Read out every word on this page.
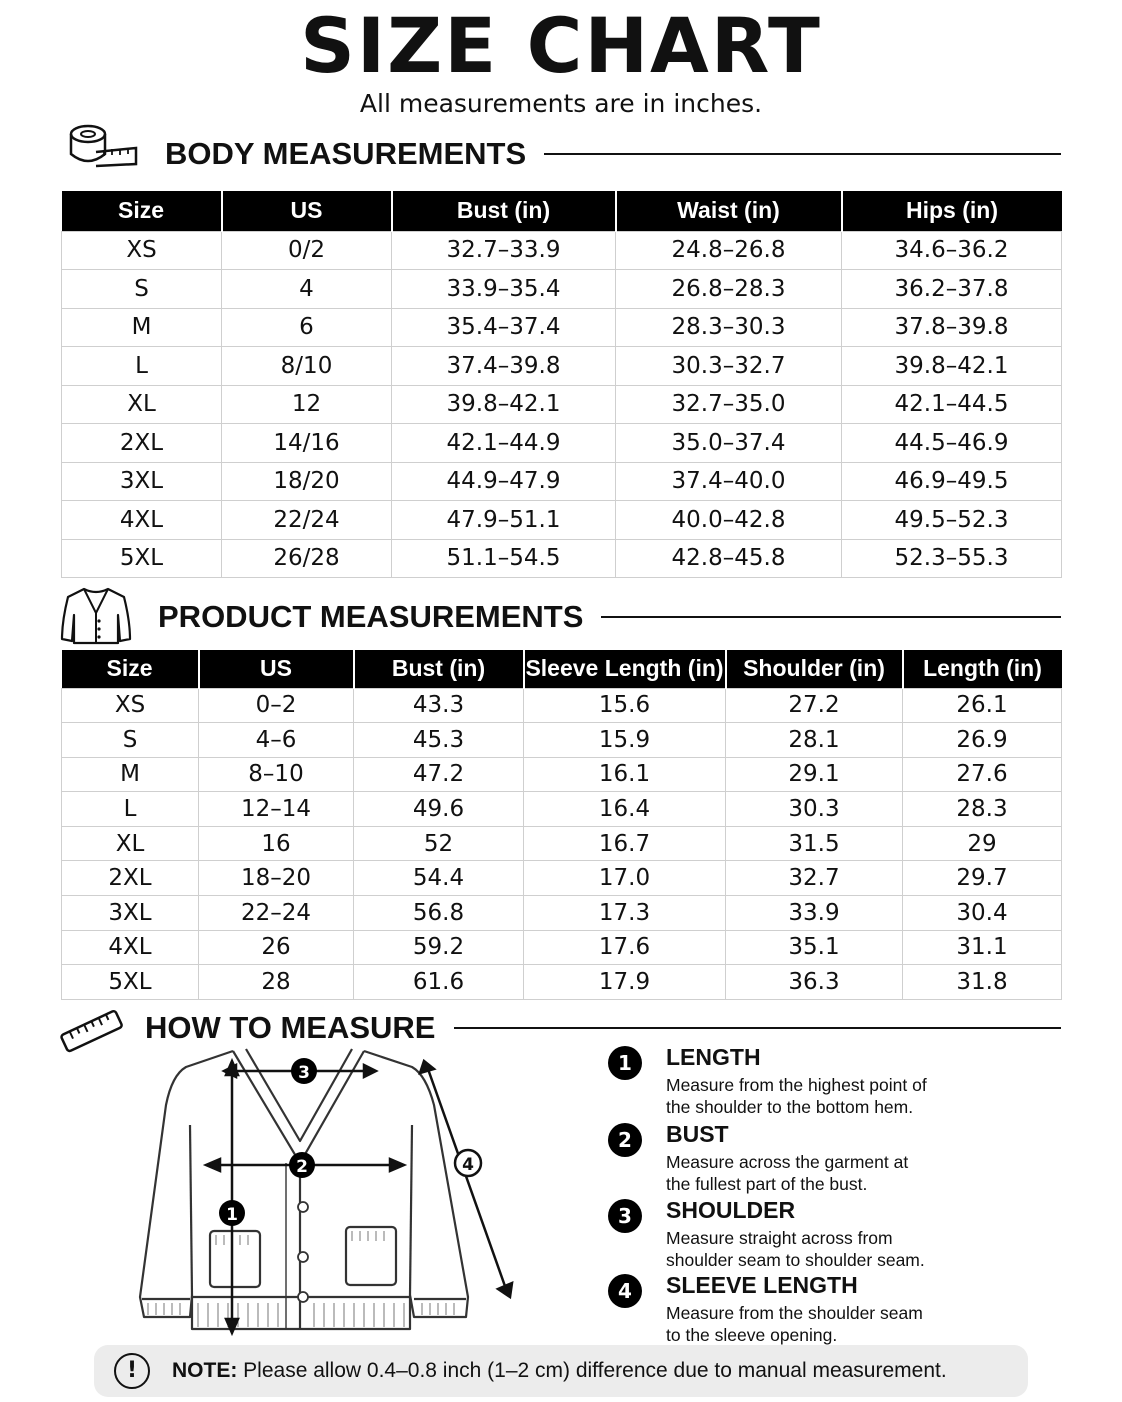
SIZE CHART
All measurements are in inches.
BODY MEASUREMENTS
Size	US	Bust (in)	Waist (in)	Hips (in)
XS	0/2	32.7–33.9	24.8–26.8	34.6–36.2
S	4	33.9–35.4	26.8–28.3	36.2–37.8
M	6	35.4–37.4	28.3–30.3	37.8–39.8
L	8/10	37.4–39.8	30.3–32.7	39.8–42.1
XL	12	39.8–42.1	32.7–35.0	42.1–44.5
2XL	14/16	42.1–44.9	35.0–37.4	44.5–46.9
3XL	18/20	44.9–47.9	37.4–40.0	46.9–49.5
4XL	22/24	47.9–51.1	40.0–42.8	49.5–52.3
5XL	26/28	51.1–54.5	42.8–45.8	52.3–55.3
PRODUCT MEASUREMENTS
Size	US	Bust (in)	Sleeve Length (in)	Shoulder (in)	Length (in)
XS	0–2	43.3	15.6	27.2	26.1
S	4–6	45.3	15.9	28.1	26.9
M	8–10	47.2	16.1	29.1	27.6
L	12–14	49.6	16.4	30.3	28.3
XL	16	52	16.7	31.5	29
2XL	18–20	54.4	17.0	32.7	29.7
3XL	22–24	56.8	17.3	33.9	30.4
4XL	26	59.2	17.6	35.1	31.1
5XL	28	61.6	17.9	36.3	31.8
HOW TO MEASURE
1
2
3
4
1	LENGTH
Measure from the highest point of
the shoulder to the bottom hem.
2	BUST
Measure across the garment at
the fullest part of the bust.
3	SHOULDER
Measure straight across from
shoulder seam to shoulder seam.
4	SLEEVE LENGTH
Measure from the shoulder seam
to the sleeve opening.
!	NOTE: Please allow 0.4–0.8 inch (1–2 cm) difference due to manual measurement.
